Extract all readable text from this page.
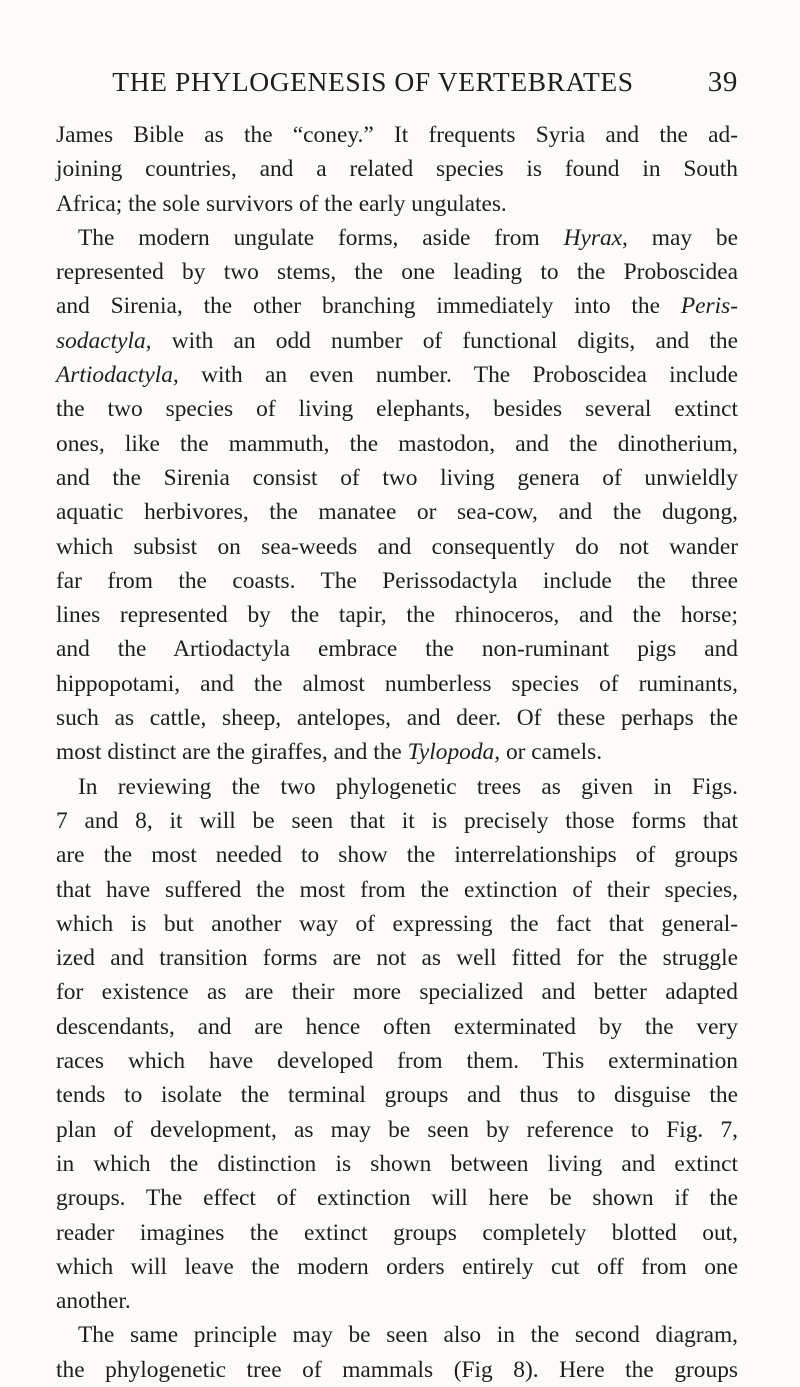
THE PHYLOGENESIS OF VERTEBRATES	39
James Bible as the “coney.” It frequents Syria and the ad-
joining countries, and a related species is found in South
Africa; the sole survivors of the early ungulates.
The modern ungulate forms, aside from Hyrax, may be
represented by two stems, the one leading to the Proboscidea
and Sirenia, the other branching immediately into the Peris-
sodactyla, with an odd number of functional digits, and the
Artiodactyla, with an even number. The Proboscidea include
the two species of living elephants, besides several extinct
ones, like the mammuth, the mastodon, and the dinotherium,
and the Sirenia consist of two living genera of unwieldly
aquatic herbivores, the manatee or sea-cow, and the dugong,
which subsist on sea-weeds and consequently do not wander
far from the coasts. The Perissodactyla include the three
lines represented by the tapir, the rhinoceros, and the horse;
and the Artiodactyla embrace the non-ruminant pigs and
hippopotami, and the almost numberless species of ruminants,
such as cattle, sheep, antelopes, and deer. Of these perhaps the
most distinct are the giraffes, and the Tylopoda, or camels.
In reviewing the two phylogenetic trees as given in Figs.
7 and 8, it will be seen that it is precisely those forms that
are the most needed to show the interrelationships of groups
that have suffered the most from the extinction of their species,
which is but another way of expressing the fact that general-
ized and transition forms are not as well fitted for the struggle
for existence as are their more specialized and better adapted
descendants, and are hence often exterminated by the very
races which have developed from them. This extermination
tends to isolate the terminal groups and thus to disguise the
plan of development, as may be seen by reference to Fig. 7,
in which the distinction is shown between living and extinct
groups. The effect of extinction will here be shown if the
reader imagines the extinct groups completely blotted out,
which will leave the modern orders entirely cut off from one
another.
The same principle may be seen also in the second diagram,
the phylogenetic tree of mammals (Fig 8). Here the groups
